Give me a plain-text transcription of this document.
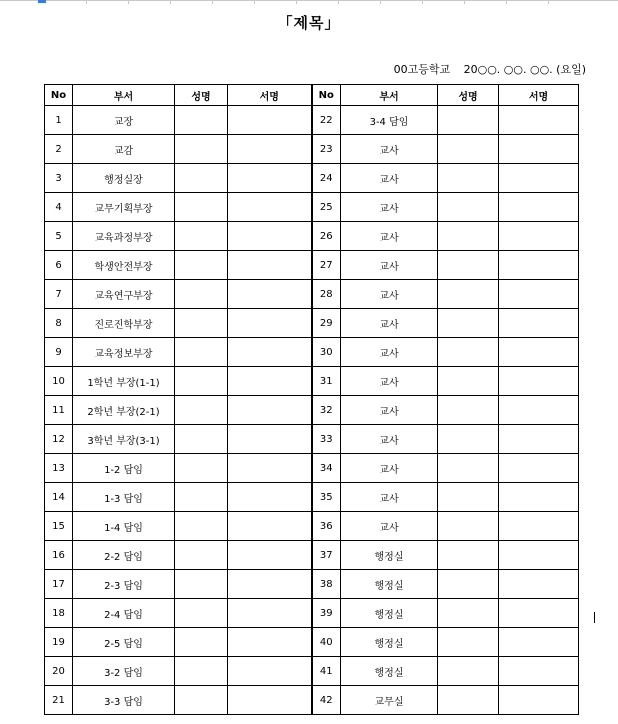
「제목」
00고등학교 20○○. ○○. ○○. (요일)
No	부서	성명	서명	No	부서	성명	서명
1	교장			22	3-4 담임		
2	교감			23	교사		
3	행정실장			24	교사		
4	교무기획부장			25	교사		
5	교육과정부장			26	교사		
6	학생안전부장			27	교사		
7	교육연구부장			28	교사		
8	진로진학부장			29	교사		
9	교육정보부장			30	교사		
10	1학년 부장(1-1)			31	교사		
11	2학년 부장(2-1)			32	교사		
12	3학년 부장(3-1)			33	교사		
13	1-2 담임			34	교사		
14	1-3 담임			35	교사		
15	1-4 담임			36	교사		
16	2-2 담임			37	행정실		
17	2-3 담임			38	행정실		
18	2-4 담임			39	행정실		
19	2-5 담임			40	행정실		
20	3-2 담임			41	행정실		
21	3-3 담임			42	교무실		
